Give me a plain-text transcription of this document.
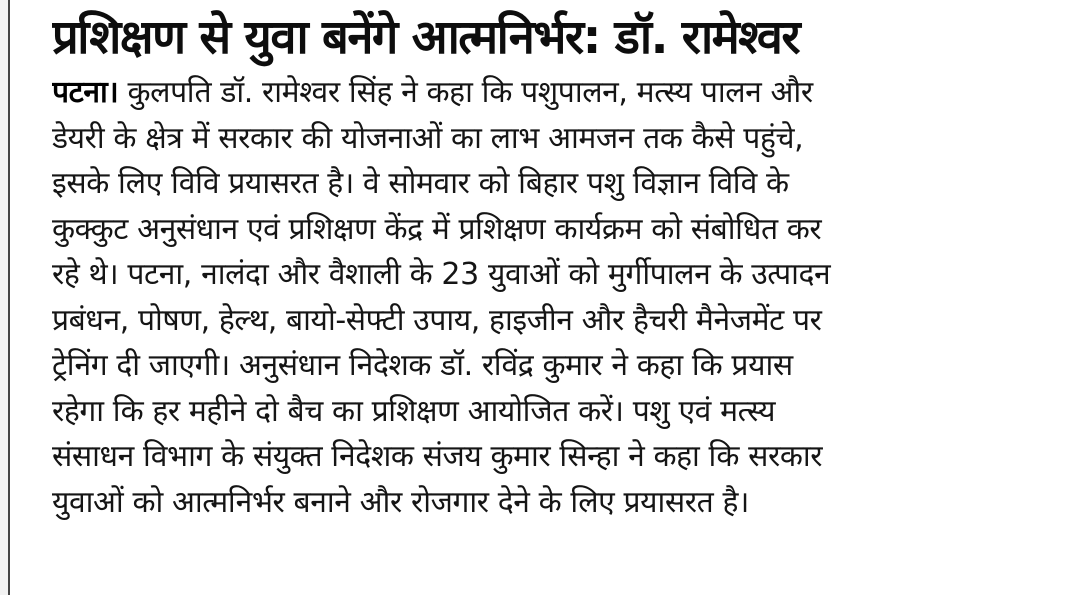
प्रशिक्षण से युवा बनेंगे आत्मनिर्भर: डॉ. रामेश्वर

पटना। कुलपति डॉ. रामेश्वर सिंह ने कहा कि पशुपालन, मत्स्य पालन और
डेयरी के क्षेत्र में सरकार की योजनाओं का लाभ आमजन तक कैसे पहुंचे,
इसके लिए विवि प्रयासरत है। वे सोमवार को बिहार पशु विज्ञान विवि के
कुक्कुट अनुसंधान एवं प्रशिक्षण केंद्र में प्रशिक्षण कार्यक्रम को संबोधित कर
रहे थे। पटना, नालंदा और वैशाली के 23 युवाओं को मुर्गीपालन के उत्पादन
प्रबंधन, पोषण, हेल्थ, बायो-सेफ्टी उपाय, हाइजीन और हैचरी मैनेजमेंट पर
ट्रेनिंग दी जाएगी। अनुसंधान निदेशक डॉ. रविंद्र कुमार ने कहा कि प्रयास
रहेगा कि हर महीने दो बैच का प्रशिक्षण आयोजित करें। पशु एवं मत्स्य
संसाधन विभाग के संयुक्त निदेशक संजय कुमार सिन्हा ने कहा कि सरकार
युवाओं को आत्मनिर्भर बनाने और रोजगार देने के लिए प्रयासरत है।
